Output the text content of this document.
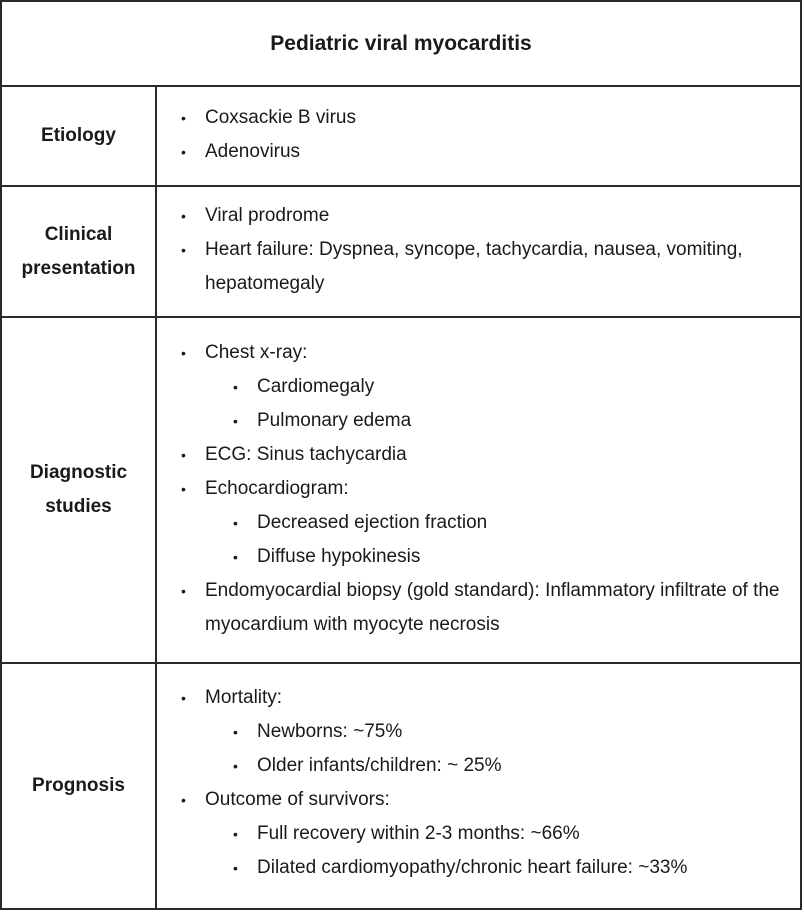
Pediatric viral myocarditis
Etiology
• Coxsackie B virus
• Adenovirus
Clinical presentation
• Viral prodrome
• Heart failure: Dyspnea, syncope, tachycardia, nausea, vomiting, hepatomegaly
Diagnostic studies
• Chest x-ray:
• Cardiomegaly
• Pulmonary edema
• ECG: Sinus tachycardia
• Echocardiogram:
• Decreased ejection fraction
• Diffuse hypokinesis
• Endomyocardial biopsy (gold standard): Inflammatory infiltrate of the myocardium with myocyte necrosis
Prognosis
• Mortality:
• Newborns: ~75%
• Older infants/children: ~ 25%
• Outcome of survivors:
• Full recovery within 2-3 months: ~66%
• Dilated cardiomyopathy/chronic heart failure: ~33%
